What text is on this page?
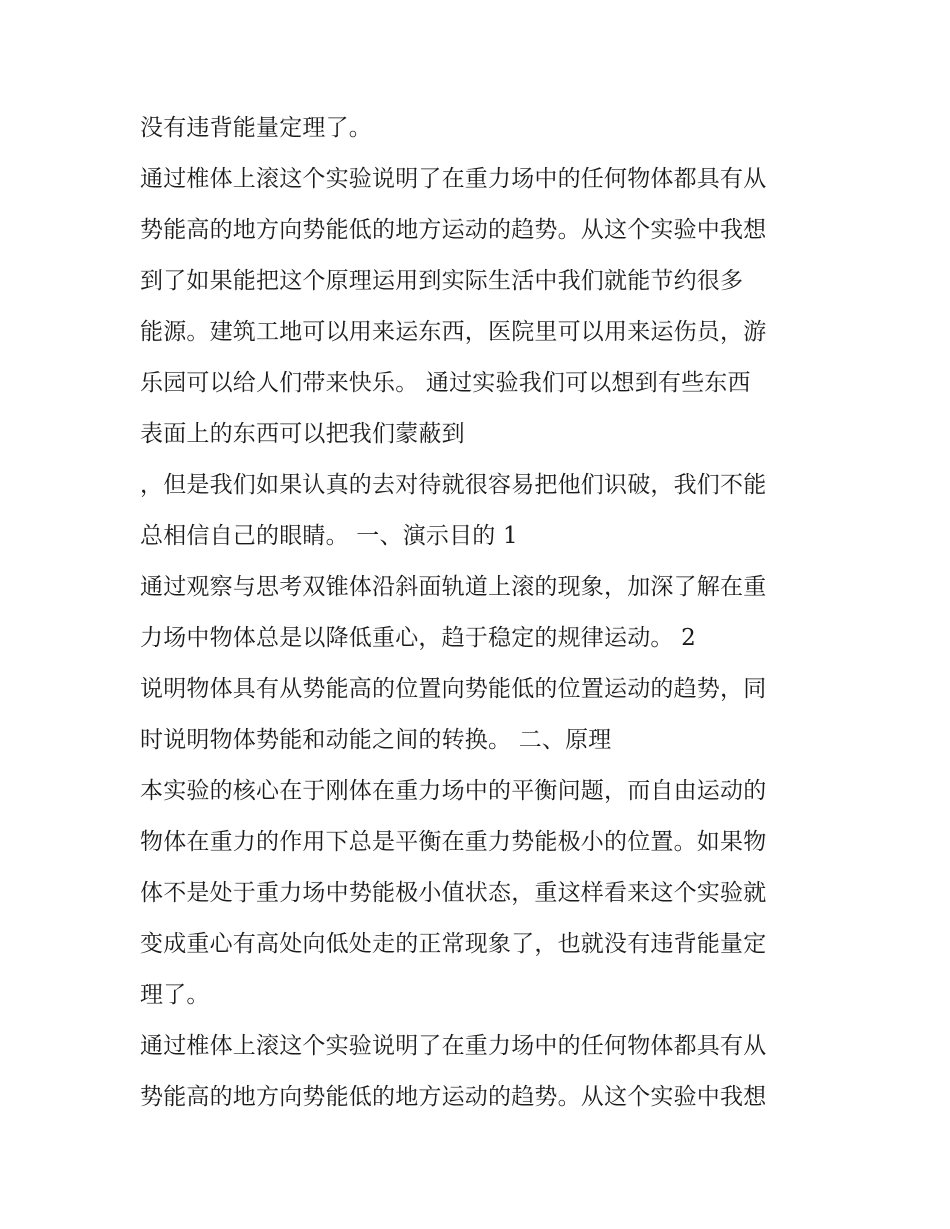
没有违背能量定理了。
通过椎体上滚这个实验说明了在重力场中的任何物体都具有从
势能高的地方向势能低的地方运动的趋势。从这个实验中我想
到了如果能把这个原理运用到实际生活中我们就能节约很多
能源。建筑工地可以用来运东西，医院里可以用来运伤员，游
乐园可以给人们带来快乐。 通过实验我们可以想到有些东西
表面上的东西可以把我们蒙蔽到
，但是我们如果认真的去对待就很容易把他们识破，我们不能
总相信自己的眼睛。 一、演示目的 1
通过观察与思考双锥体沿斜面轨道上滚的现象，加深了解在重
力场中物体总是以降低重心，趋于稳定的规律运动。 2
说明物体具有从势能高的位置向势能低的位置运动的趋势，同
时说明物体势能和动能之间的转换。 二、原理
本实验的核心在于刚体在重力场中的平衡问题，而自由运动的
物体在重力的作用下总是平衡在重力势能极小的位置。如果物
体不是处于重力场中势能极小值状态，重这样看来这个实验就
变成重心有高处向低处走的正常现象了，也就没有违背能量定
理了。
通过椎体上滚这个实验说明了在重力场中的任何物体都具有从
势能高的地方向势能低的地方运动的趋势。从这个实验中我想
